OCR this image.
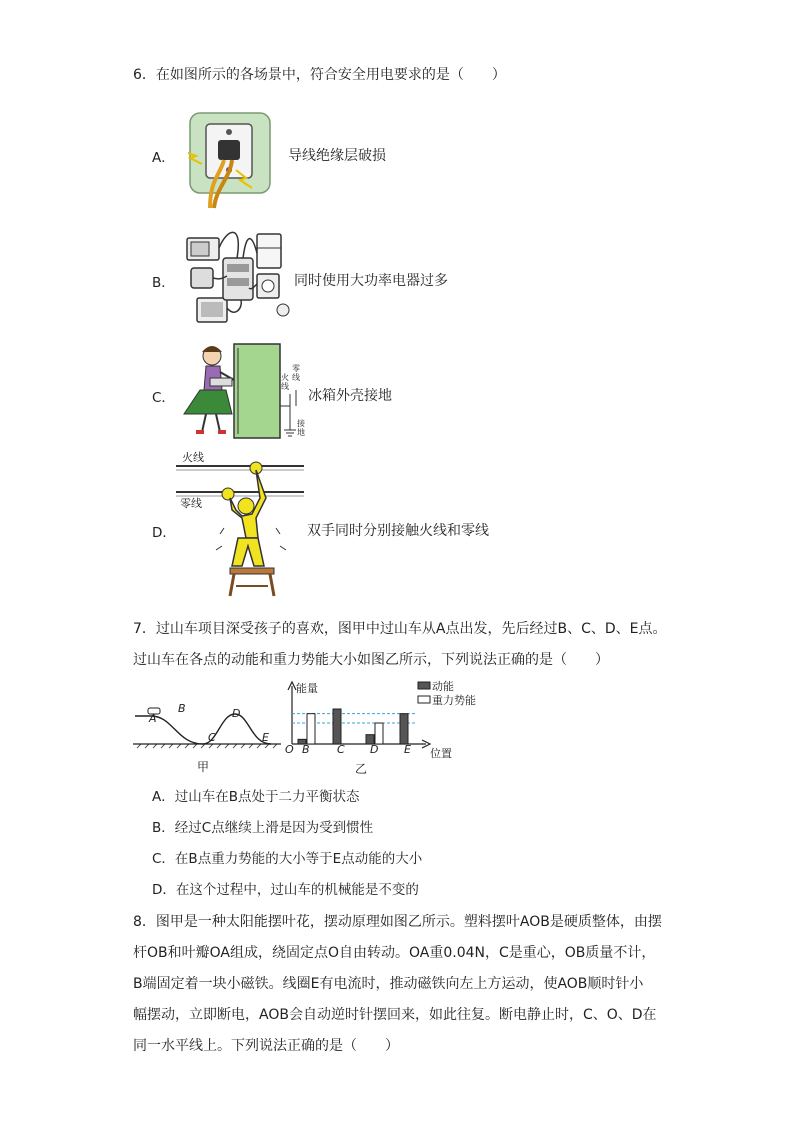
6．在如图所示的各场景中，符合安全用电要求的是（　　）
A．	导线绝缘层破损
B．	同时使用大功率电器过多
C．
火线
零线
接地
冰箱外壳接地
火线
零线
D．	双手同时分别接触火线和零线
7．过山车项目深受孩子的喜欢，图甲中过山车从A点出发，先后经过B、C、D、E点。
过山车在各点的动能和重力势能大小如图乙所示，下列说法正确的是（　　）
A
B
C
D
E
甲
能量	动能
重力势能
O B C D E 位置
乙
A．过山车在B点处于二力平衡状态
B．经过C点继续上滑是因为受到惯性
C．在B点重力势能的大小等于E点动能的大小
D．在这个过程中，过山车的机械能是不变的
8．图甲是一种太阳能摆叶花，摆动原理如图乙所示。塑料摆叶AOB是硬质整体，由摆
杆OB和叶瓣OA组成，绕固定点O自由转动。OA重0.04N，C是重心，OB质量不计，
B端固定着一块小磁铁。线圈E有电流时，推动磁铁向左上方运动，使AOB顺时针小
幅摆动，立即断电，AOB会自动逆时针摆回来，如此往复。断电静止时，C、O、D在
同一水平线上。下列说法正确的是（　　）
